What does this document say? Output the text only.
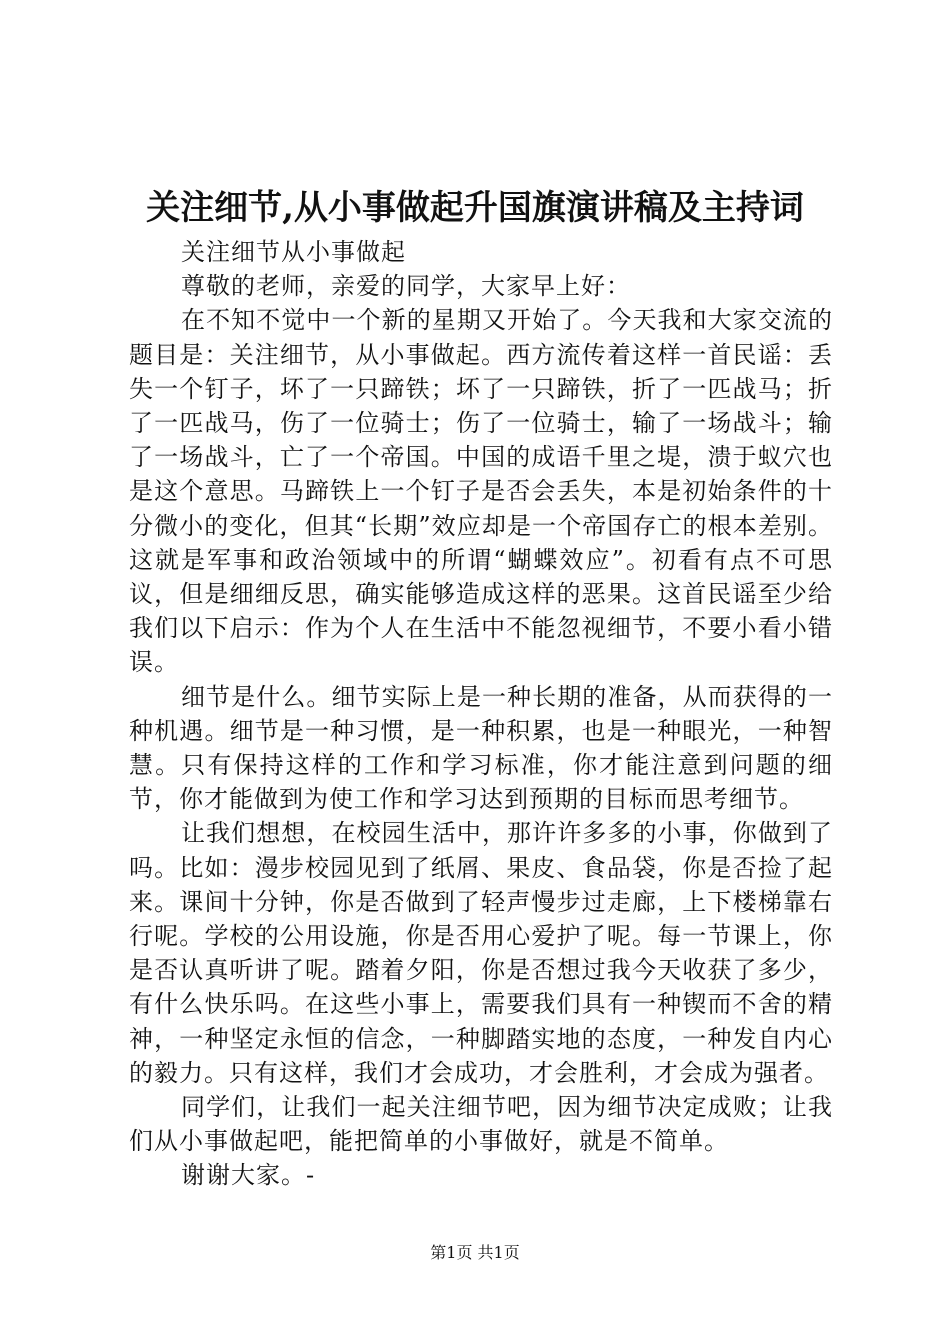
关注细节,从小事做起升国旗演讲稿及主持词

关注细节从小事做起

尊敬的老师，亲爱的同学，大家早上好：

在不知不觉中一个新的星期又开始了。今天我和大家交流的题目是：关注细节，从小事做起。西方流传着这样一首民谣：丢失一个钉子，坏了一只蹄铁；坏了一只蹄铁，折了一匹战马；折了一匹战马，伤了一位骑士；伤了一位骑士，输了一场战斗；输了一场战斗，亡了一个帝国。中国的成语千里之堤，溃于蚁穴也是这个意思。马蹄铁上一个钉子是否会丢失，本是初始条件的十分微小的变化，但其“长期”效应却是一个帝国存亡的根本差别。这就是军事和政治领域中的所谓“蝴蝶效应”。初看有点不可思议，但是细细反思，确实能够造成这样的恶果。这首民谣至少给我们以下启示：作为个人在生活中不能忽视细节，不要小看小错误。

细节是什么。细节实际上是一种长期的准备，从而获得的一种机遇。细节是一种习惯，是一种积累，也是一种眼光，一种智慧。只有保持这样的工作和学习标准，你才能注意到问题的细节，你才能做到为使工作和学习达到预期的目标而思考细节。

让我们想想，在校园生活中，那许许多多的小事，你做到了吗。比如：漫步校园见到了纸屑、果皮、食品袋，你是否捡了起来。课间十分钟，你是否做到了轻声慢步过走廊，上下楼梯靠右行呢。学校的公用设施，你是否用心爱护了呢。每一节课上，你是否认真听讲了呢。踏着夕阳，你是否想过我今天收获了多少，有什么快乐吗。在这些小事上，需要我们具有一种锲而不舍的精神，一种坚定永恒的信念，一种脚踏实地的态度，一种发自内心的毅力。只有这样，我们才会成功，才会胜利，才会成为强者。

同学们，让我们一起关注细节吧，因为细节决定成败；让我们从小事做起吧，能把简单的小事做好，就是不简单。

谢谢大家。-

第1页 共1页
